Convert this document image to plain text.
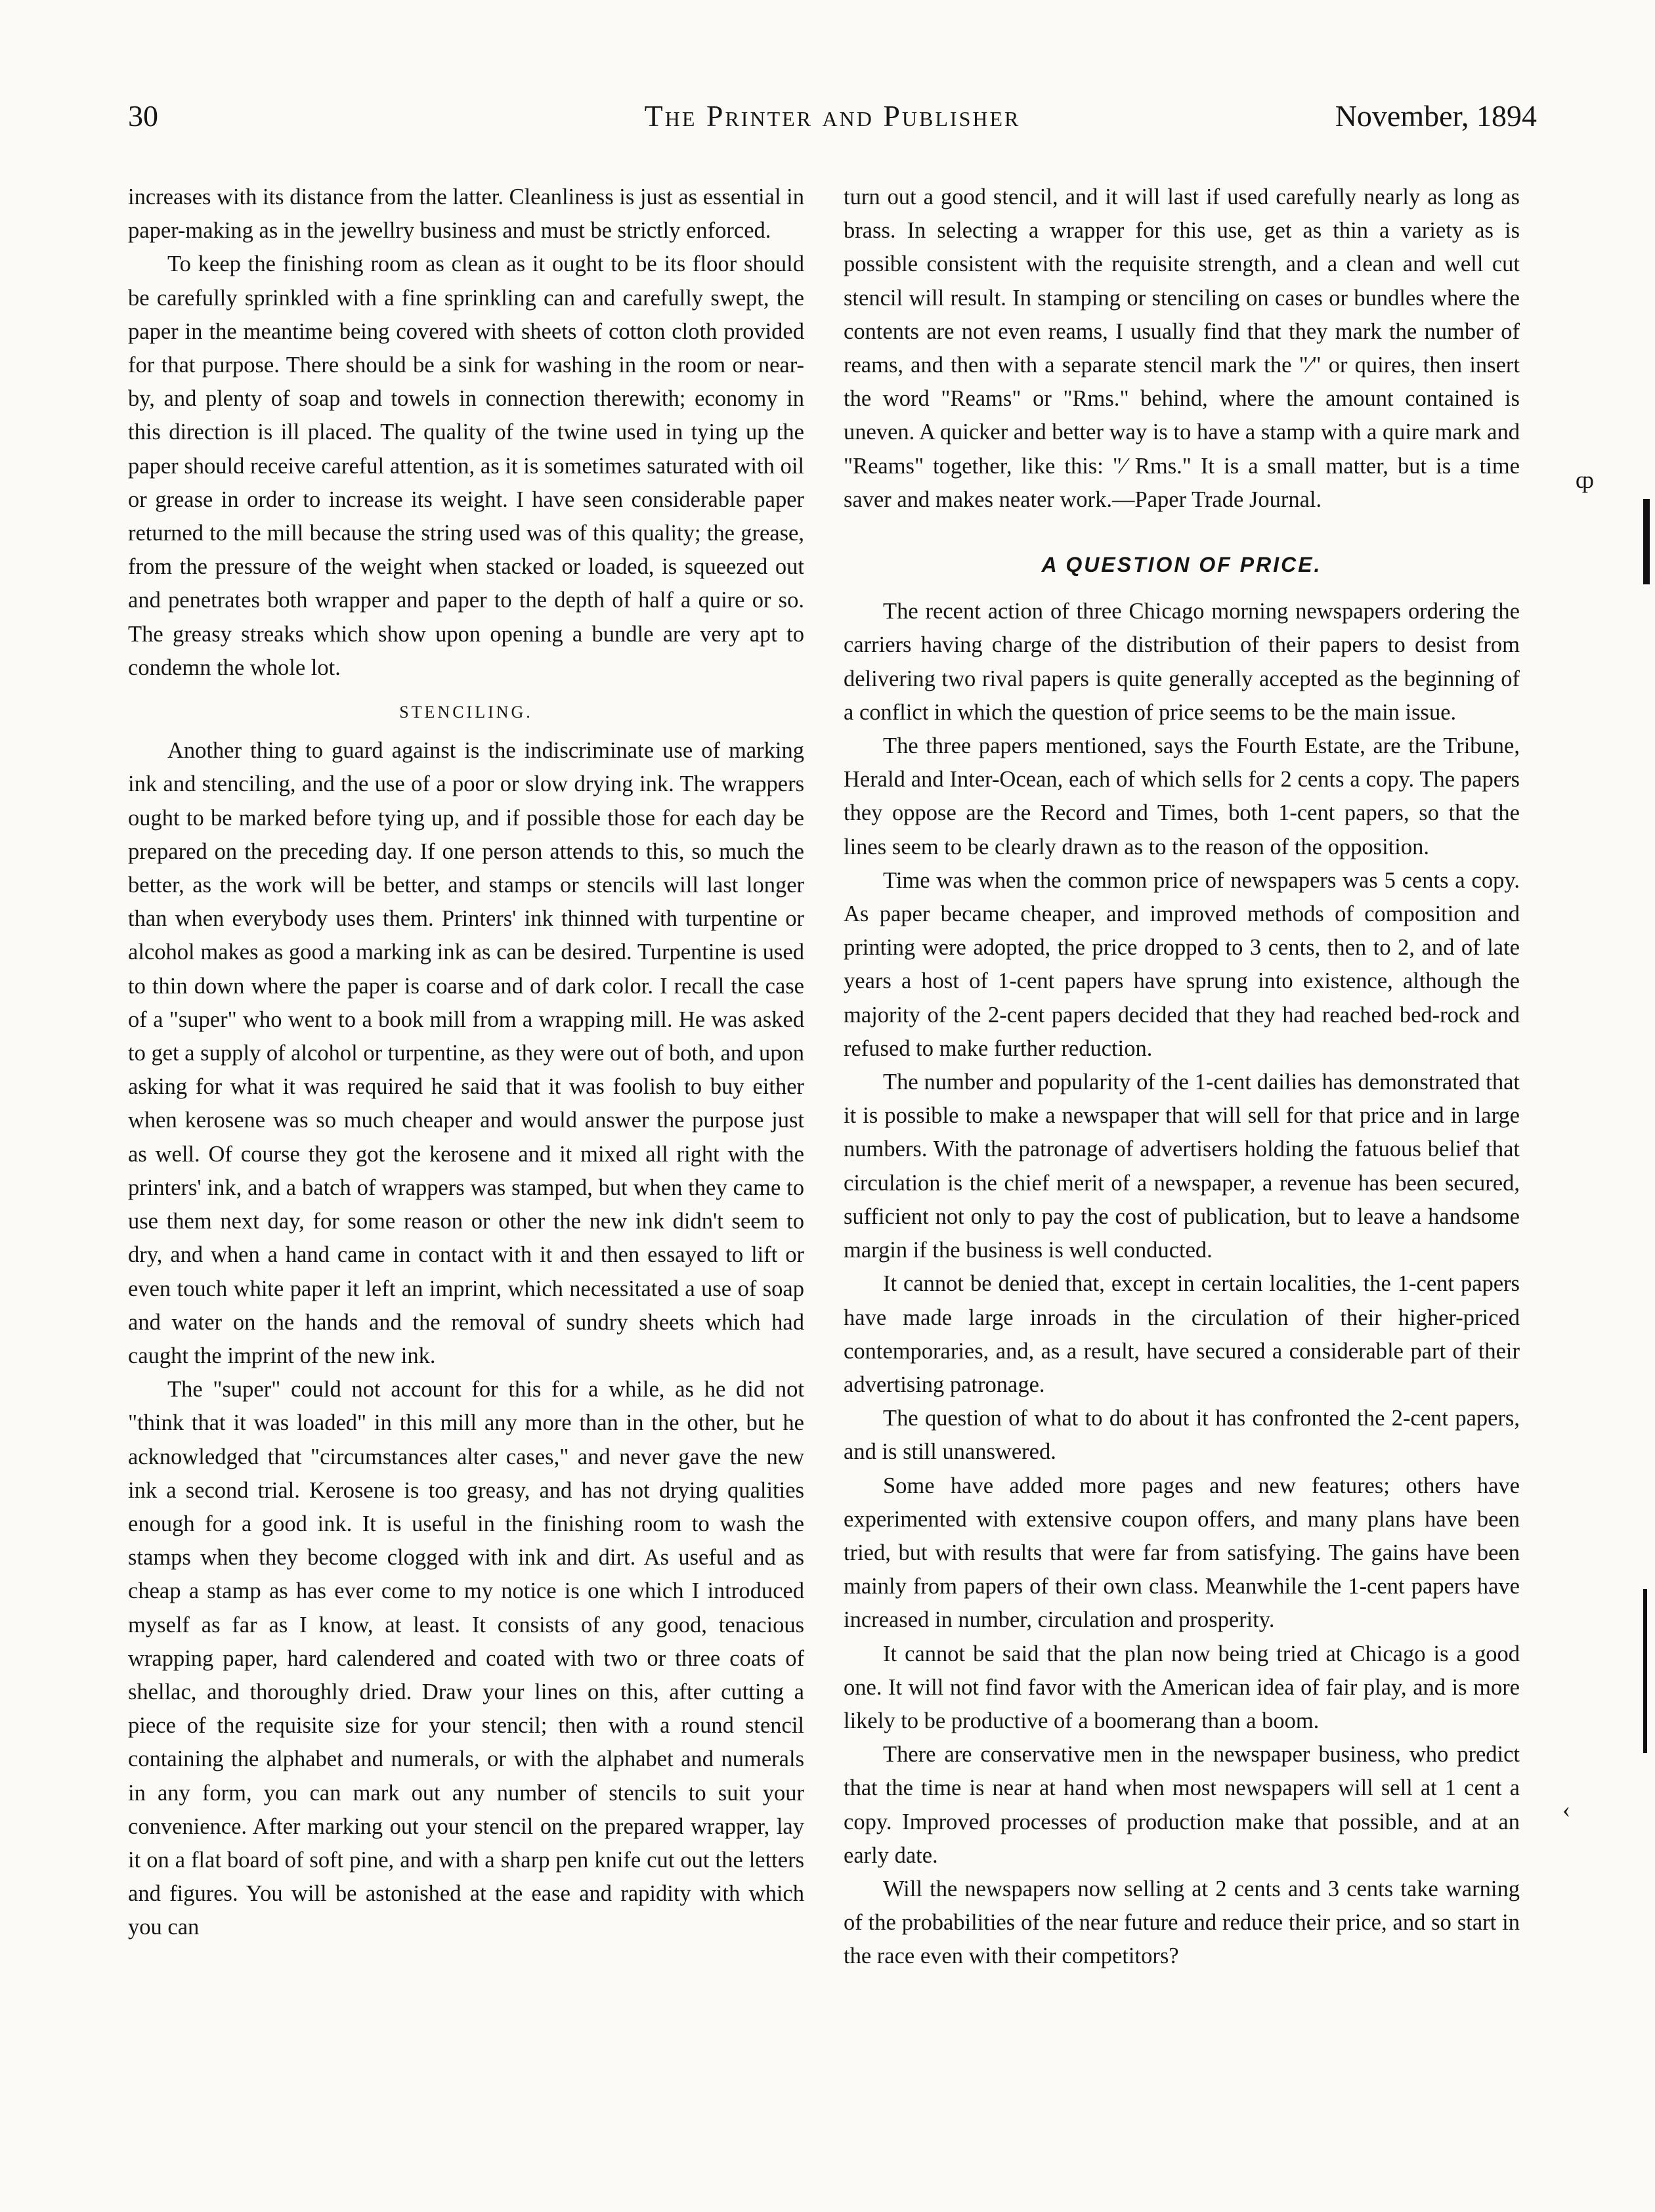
30	The Printer and Publisher	November, 1894

increases with its distance from the latter. Cleanliness is just as essential in paper-making as in the jewellry business and must be strictly enforced.

To keep the finishing room as clean as it ought to be its floor should be carefully sprinkled with a fine sprinkling can and carefully swept, the paper in the meantime being covered with sheets of cotton cloth provided for that purpose. There should be a sink for washing in the room or near-by, and plenty of soap and towels in connection therewith; economy in this direction is ill placed. The quality of the twine used in tying up the paper should receive careful attention, as it is sometimes saturated with oil or grease in order to increase its weight. I have seen considerable paper returned to the mill because the string used was of this quality; the grease, from the pressure of the weight when stacked or loaded, is squeezed out and penetrates both wrapper and paper to the depth of half a quire or so. The greasy streaks which show upon opening a bundle are very apt to condemn the whole lot.

STENCILING.

Another thing to guard against is the indiscriminate use of marking ink and stenciling, and the use of a poor or slow drying ink. The wrappers ought to be marked before tying up, and if possible those for each day be prepared on the preceding day. If one person attends to this, so much the better, as the work will be better, and stamps or stencils will last longer than when everybody uses them. Printers' ink thinned with turpentine or alcohol makes as good a marking ink as can be desired. Turpentine is used to thin down where the paper is coarse and of dark color. I recall the case of a "super" who went to a book mill from a wrapping mill. He was asked to get a supply of alcohol or turpentine, as they were out of both, and upon asking for what it was required he said that it was foolish to buy either when kerosene was so much cheaper and would answer the purpose just as well. Of course they got the kerosene and it mixed all right with the printers' ink, and a batch of wrappers was stamped, but when they came to use them next day, for some reason or other the new ink didn't seem to dry, and when a hand came in contact with it and then essayed to lift or even touch white paper it left an imprint, which necessitated a use of soap and water on the hands and the removal of sundry sheets which had caught the imprint of the new ink.

The "super" could not account for this for a while, as he did not "think that it was loaded" in this mill any more than in the other, but he acknowledged that "circumstances alter cases," and never gave the new ink a second trial. Kerosene is too greasy, and has not drying qualities enough for a good ink. It is useful in the finishing room to wash the stamps when they become clogged with ink and dirt. As useful and as cheap a stamp as has ever come to my notice is one which I introduced myself as far as I know, at least. It consists of any good, tenacious wrapping paper, hard calendered and coated with two or three coats of shellac, and thoroughly dried. Draw your lines on this, after cutting a piece of the requisite size for your stencil; then with a round stencil containing the alphabet and numerals, or with the alphabet and numerals in any form, you can mark out any number of stencils to suit your convenience. After marking out your stencil on the prepared wrapper, lay it on a flat board of soft pine, and with a sharp pen knife cut out the letters and figures. You will be astonished at the ease and rapidity with which you can

turn out a good stencil, and it will last if used carefully nearly as long as brass. In selecting a wrapper for this use, get as thin a variety as is possible consistent with the requisite strength, and a clean and well cut stencil will result. In stamping or stenciling on cases or bundles where the contents are not even reams, I usually find that they mark the number of reams, and then with a separate stencil mark the "⁄" or quires, then insert the word "Reams" or "Rms." behind, where the amount contained is uneven. A quicker and better way is to have a stamp with a quire mark and "Reams" together, like this: "⁄ Rms." It is a small matter, but is a time saver and makes neater work.—Paper Trade Journal.

A QUESTION OF PRICE.

The recent action of three Chicago morning newspapers ordering the carriers having charge of the distribution of their papers to desist from delivering two rival papers is quite generally accepted as the beginning of a conflict in which the question of price seems to be the main issue.

The three papers mentioned, says the Fourth Estate, are the Tribune, Herald and Inter-Ocean, each of which sells for 2 cents a copy. The papers they oppose are the Record and Times, both 1-cent papers, so that the lines seem to be clearly drawn as to the reason of the opposition.

Time was when the common price of newspapers was 5 cents a copy. As paper became cheaper, and improved methods of composition and printing were adopted, the price dropped to 3 cents, then to 2, and of late years a host of 1-cent papers have sprung into existence, although the majority of the 2-cent papers decided that they had reached bed-rock and refused to make further reduction.

The number and popularity of the 1-cent dailies has demonstrated that it is possible to make a newspaper that will sell for that price and in large numbers. With the patronage of advertisers holding the fatuous belief that circulation is the chief merit of a newspaper, a revenue has been secured, sufficient not only to pay the cost of publication, but to leave a handsome margin if the business is well conducted.

It cannot be denied that, except in certain localities, the 1-cent papers have made large inroads in the circulation of their higher-priced contemporaries, and, as a result, have secured a considerable part of their advertising patronage.

The question of what to do about it has confronted the 2-cent papers, and is still unanswered.

Some have added more pages and new features; others have experimented with extensive coupon offers, and many plans have been tried, but with results that were far from satisfying. The gains have been mainly from papers of their own class. Meanwhile the 1-cent papers have increased in number, circulation and prosperity.

It cannot be said that the plan now being tried at Chicago is a good one. It will not find favor with the American idea of fair play, and is more likely to be productive of a boomerang than a boom.

There are conservative men in the newspaper business, who predict that the time is near at hand when most newspapers will sell at 1 cent a copy. Improved processes of production make that possible, and at an early date.

Will the newspapers now selling at 2 cents and 3 cents take warning of the probabilities of the near future and reduce their price, and so start in the race even with their competitors?

ȹ
‹
